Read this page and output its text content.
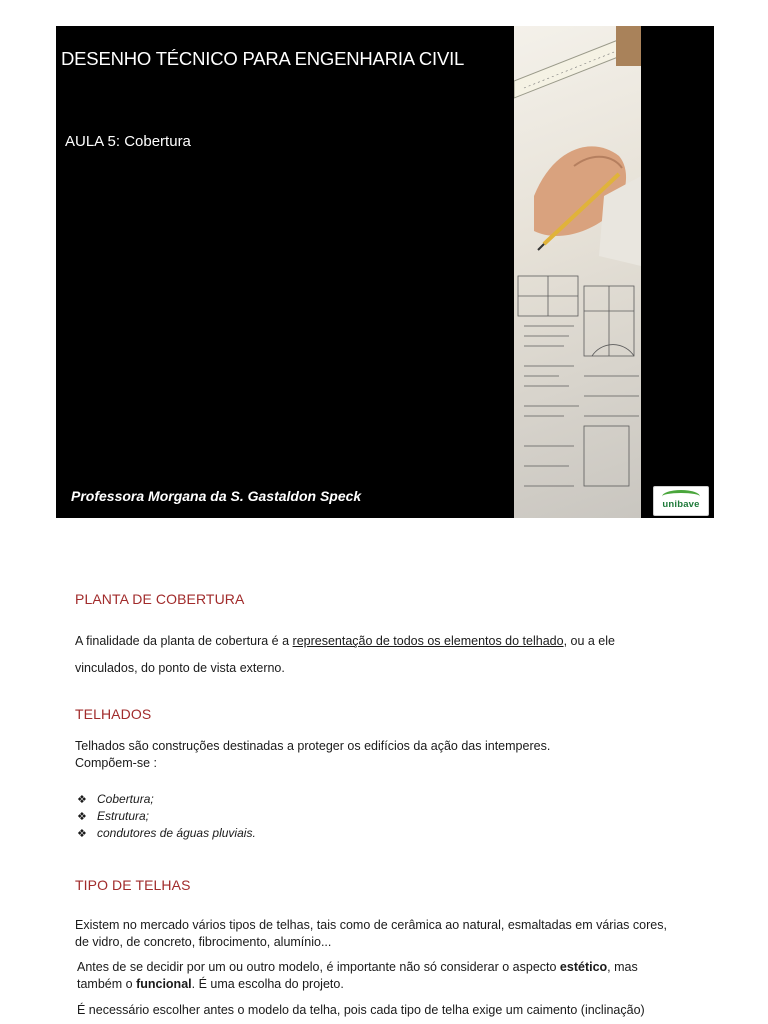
DESENHO TÉCNICO PARA ENGENHARIA CIVIL
AULA 5: Cobertura
Professora Morgana da S. Gastaldon Speck
unibave
PLANTA DE COBERTURA
A finalidade da planta de cobertura é a representação de todos os elementos do telhado, ou a ele
vinculados, do ponto de vista externo.
TELHADOS
Telhados são construções destinadas a proteger os edifícios da ação das intemperes.
Compõem-se :
❖ Cobertura;
❖ Estrutura;
❖ condutores de águas pluviais.
TIPO DE TELHAS
Existem no mercado vários tipos de telhas, tais como de cerâmica ao natural, esmaltadas em várias cores,
de vidro, de concreto, fibrocimento, alumínio...
Antes de se decidir por um ou outro modelo, é importante não só considerar o aspecto estético, mas
também o funcional. É uma escolha do projeto.
É necessário escolher antes o modelo da telha, pois cada tipo de telha exige um caimento (inclinação)
